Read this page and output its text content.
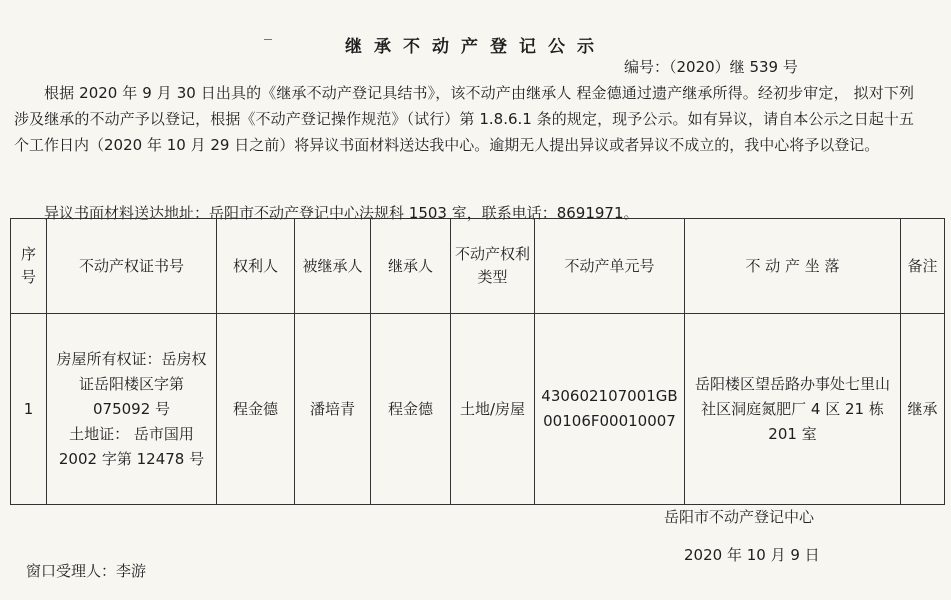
继承不动产登记公示
编号：（2020）继 539 号
根据 2020 年 9 月 30 日出具的《继承不动产登记具结书》，该不动产由继承人 程金德通过遗产继承所得。经初步审定， 拟对下列涉及继承的不动产予以登记，根据《不动产登记操作规范》（试行）第 1.8.6.1 条的规定，现予公示。如有异议，请自本公示之日起十五个工作日内（2020 年 10 月 29 日之前）将异议书面材料送达我中心。逾期无人提出异议或者异议不成立的，我中心将予以登记。
异议书面材料送达地址：岳阳市不动产登记中心法规科 1503 室，联系电话：8691971。
序号	不动产权证书号	权利人	被继承人	继承人	不动产权利类型	不动产单元号	不 动 产 坐 落	备注
1	房屋所有权证：岳房权证岳阳楼区字第 075092 号
土地证： 岳市国用 2002 字第 12478 号	程金德	潘培青	程金德	土地/房屋	430602107001GB00106F00010007	岳阳楼区望岳路办事处七里山社区洞庭氮肥厂 4 区 21 栋 201 室	继承
岳阳市不动产登记中心
2020 年 10 月 9 日
窗口受理人：李游
